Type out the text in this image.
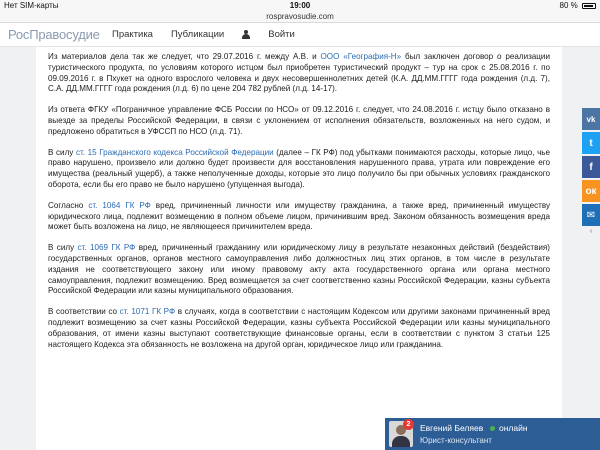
Нет SIM-карты	19:00	80 %
rospravosudie.com
РосПравосудие Практика Публикации	Войти

Из материалов дела так же следует, что 29.07.2016 г. между А.В. и ООО «География-Н» был заключен договор о реализации туристического продукта, по условиям которого истцом был приобретен туристический продукт – тур на срок с 25.08.2016 г. по 09.09.2016 г. в Пхукет на одного взрослого человека и двух несовершеннолетних детей (К.А. ДД.ММ.ГГГГ года рождения (л.д. 7), С.А. ДД.ММ.ГГГГ года рождения (л.д. 6) по цене 204 782 рублей (л.д. 14-17).

Из ответа ФГКУ «Пограничное управление ФСБ России по НСО» от 09.12.2016 г. следует, что 24.08.2016 г. истцу было отказано в выезде за пределы Российской Федерации, в связи с уклонением от исполнения обязательств, возложенных на него судом, и предложено обратиться в УФССП по НСО (л.д. 71).

В силу ст. 15 Гражданского кодекса Российской Федерации (далее – ГК РФ) под убытками понимаются расходы, которые лицо, чье право нарушено, произвело или должно будет произвести для восстановления нарушенного права, утрата или повреждение его имущества (реальный ущерб), а также неполученные доходы, которые это лицо получило бы при обычных условиях гражданского оборота, если бы его право не было нарушено (упущенная выгода).

Согласно ст. 1064 ГК РФ вред, причиненный личности или имуществу гражданина, а также вред, причиненный имуществу юридического лица, подлежит возмещению в полном объеме лицом, причинившим вред. Законом обязанность возмещения вреда может быть возложена на лицо, не являющееся причинителем вреда.

В силу ст. 1069 ГК РФ вред, причиненный гражданину или юридическому лицу в результате незаконных действий (бездействия) государственных органов, органов местного самоуправления либо должностных лиц этих органов, в том числе в результате издания не соответствующего закону или иному правовому акту акта государственного органа или органа местного самоуправления, подлежит возмещению. Вред возмещается за счет соответственно казны Российской Федерации, казны субъекта Российской Федерации или казны муниципального образования.

В соответствии со ст. 1071 ГК РФ в случаях, когда в соответствии с настоящим Кодексом или другими законами причиненный вред подлежит возмещению за счет казны Российской Федерации, казны субъекта Российской Федерации или казны муниципального образования, от имени казны выступают соответствующие финансовые органы, если в соответствии с пунктом 3 статьи 125 настоящего Кодекса эта обязанность не возложена на другой орган, юридическое лицо или гражданина.

vk
t
f
ок
✉
‹
2	Евгений Беляев онлайн
Юрист-консультант
